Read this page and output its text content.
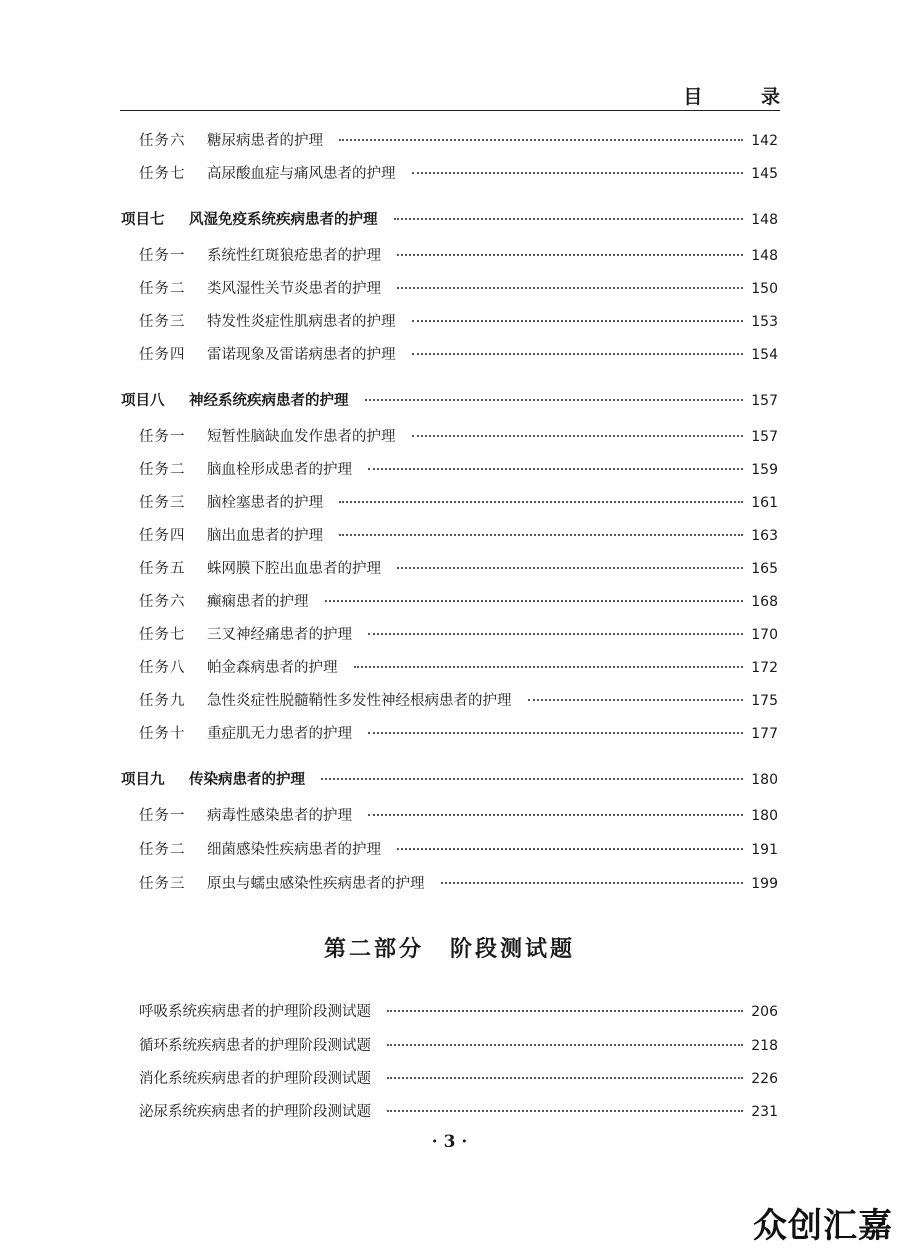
目 录
任务六	糖尿病患者的护理	142
任务七	高尿酸血症与痛风患者的护理	145
项目七	风湿免疫系统疾病患者的护理	148
任务一	系统性红斑狼疮患者的护理	148
任务二	类风湿性关节炎患者的护理	150
任务三	特发性炎症性肌病患者的护理	153
任务四	雷诺现象及雷诺病患者的护理	154
项目八	神经系统疾病患者的护理	157
任务一	短暂性脑缺血发作患者的护理	157
任务二	脑血栓形成患者的护理	159
任务三	脑栓塞患者的护理	161
任务四	脑出血患者的护理	163
任务五	蛛网膜下腔出血患者的护理	165
任务六	癫痫患者的护理	168
任务七	三叉神经痛患者的护理	170
任务八	帕金森病患者的护理	172
任务九	急性炎症性脱髓鞘性多发性神经根病患者的护理	175
任务十	重症肌无力患者的护理	177
项目九	传染病患者的护理	180
任务一	病毒性感染患者的护理	180
任务二	细菌感染性疾病患者的护理	191
任务三	原虫与蠕虫感染性疾病患者的护理	199
第二部分 阶段测试题
呼吸系统疾病患者的护理阶段测试题	206
循环系统疾病患者的护理阶段测试题	218
消化系统疾病患者的护理阶段测试题	226
泌尿系统疾病患者的护理阶段测试题	231
· 3 ·
众创汇嘉
